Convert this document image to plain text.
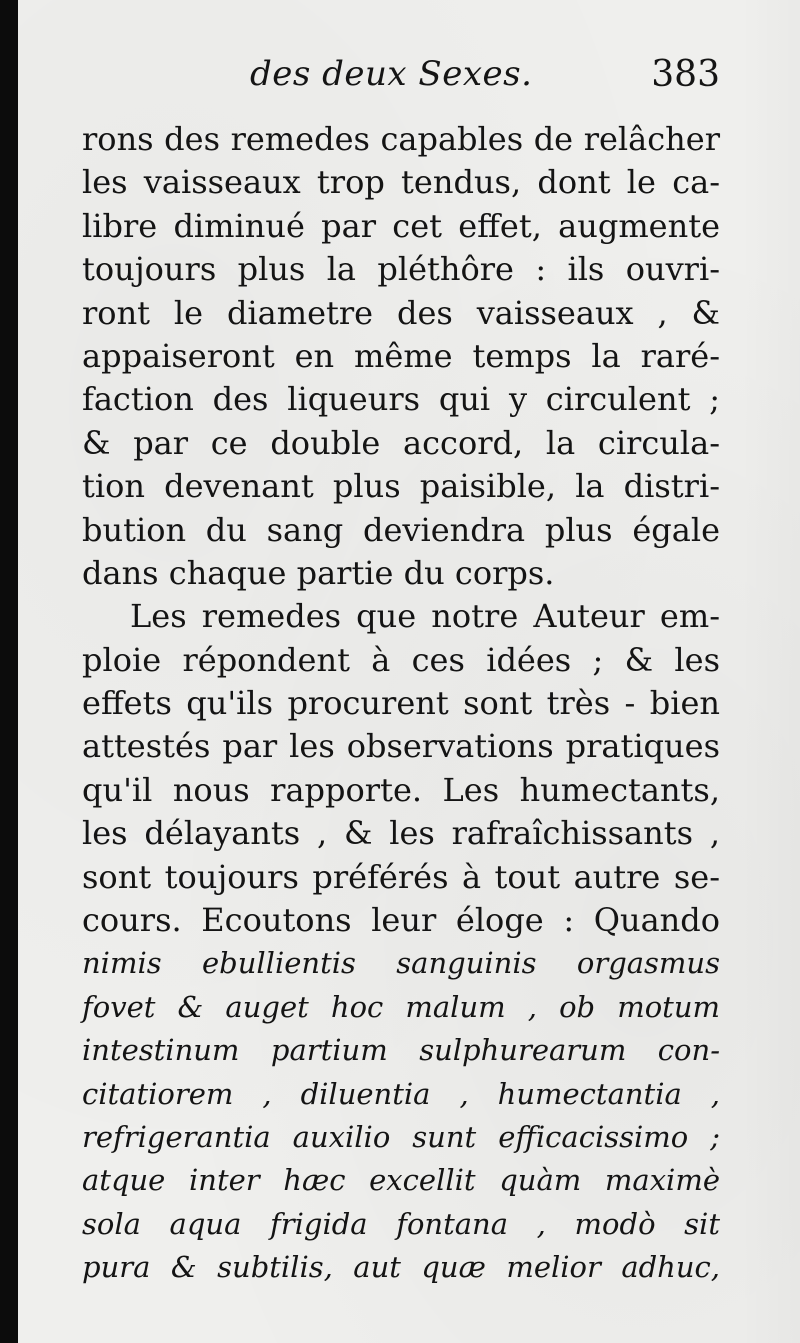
des deux Sexes.	383
rons des remedes capables de relâcher
les vaisseaux trop tendus, dont le ca-
libre diminué par cet effet, augmente
toujours plus la pléthôre : ils ouvri-
ront le diametre des vaisseaux , &
appaiseront en même temps la raré-
faction des liqueurs qui y circulent ;
& par ce double accord, la circula-
tion devenant plus paisible, la distri-
bution du sang deviendra plus égale
dans chaque partie du corps.
Les remedes que notre Auteur em-
ploie répondent à ces idées ; & les
effets qu'ils procurent sont très - bien
attestés par les observations pratiques
qu'il nous rapporte. Les humectants,
les délayants , & les rafraîchissants ,
sont toujours préférés à tout autre se-
cours. Ecoutons leur éloge : Quando
nimis ebullientis sanguinis orgasmus
fovet & auget hoc malum , ob motum
intestinum partium sulphurearum con-
citatiorem , diluentia , humectantia ,
refrigerantia auxilio sunt efficacissimo ;
atque inter hæc excellit quàm maximè
sola aqua frigida fontana , modò sit
pura & subtilis, aut quæ melior adhuc,
